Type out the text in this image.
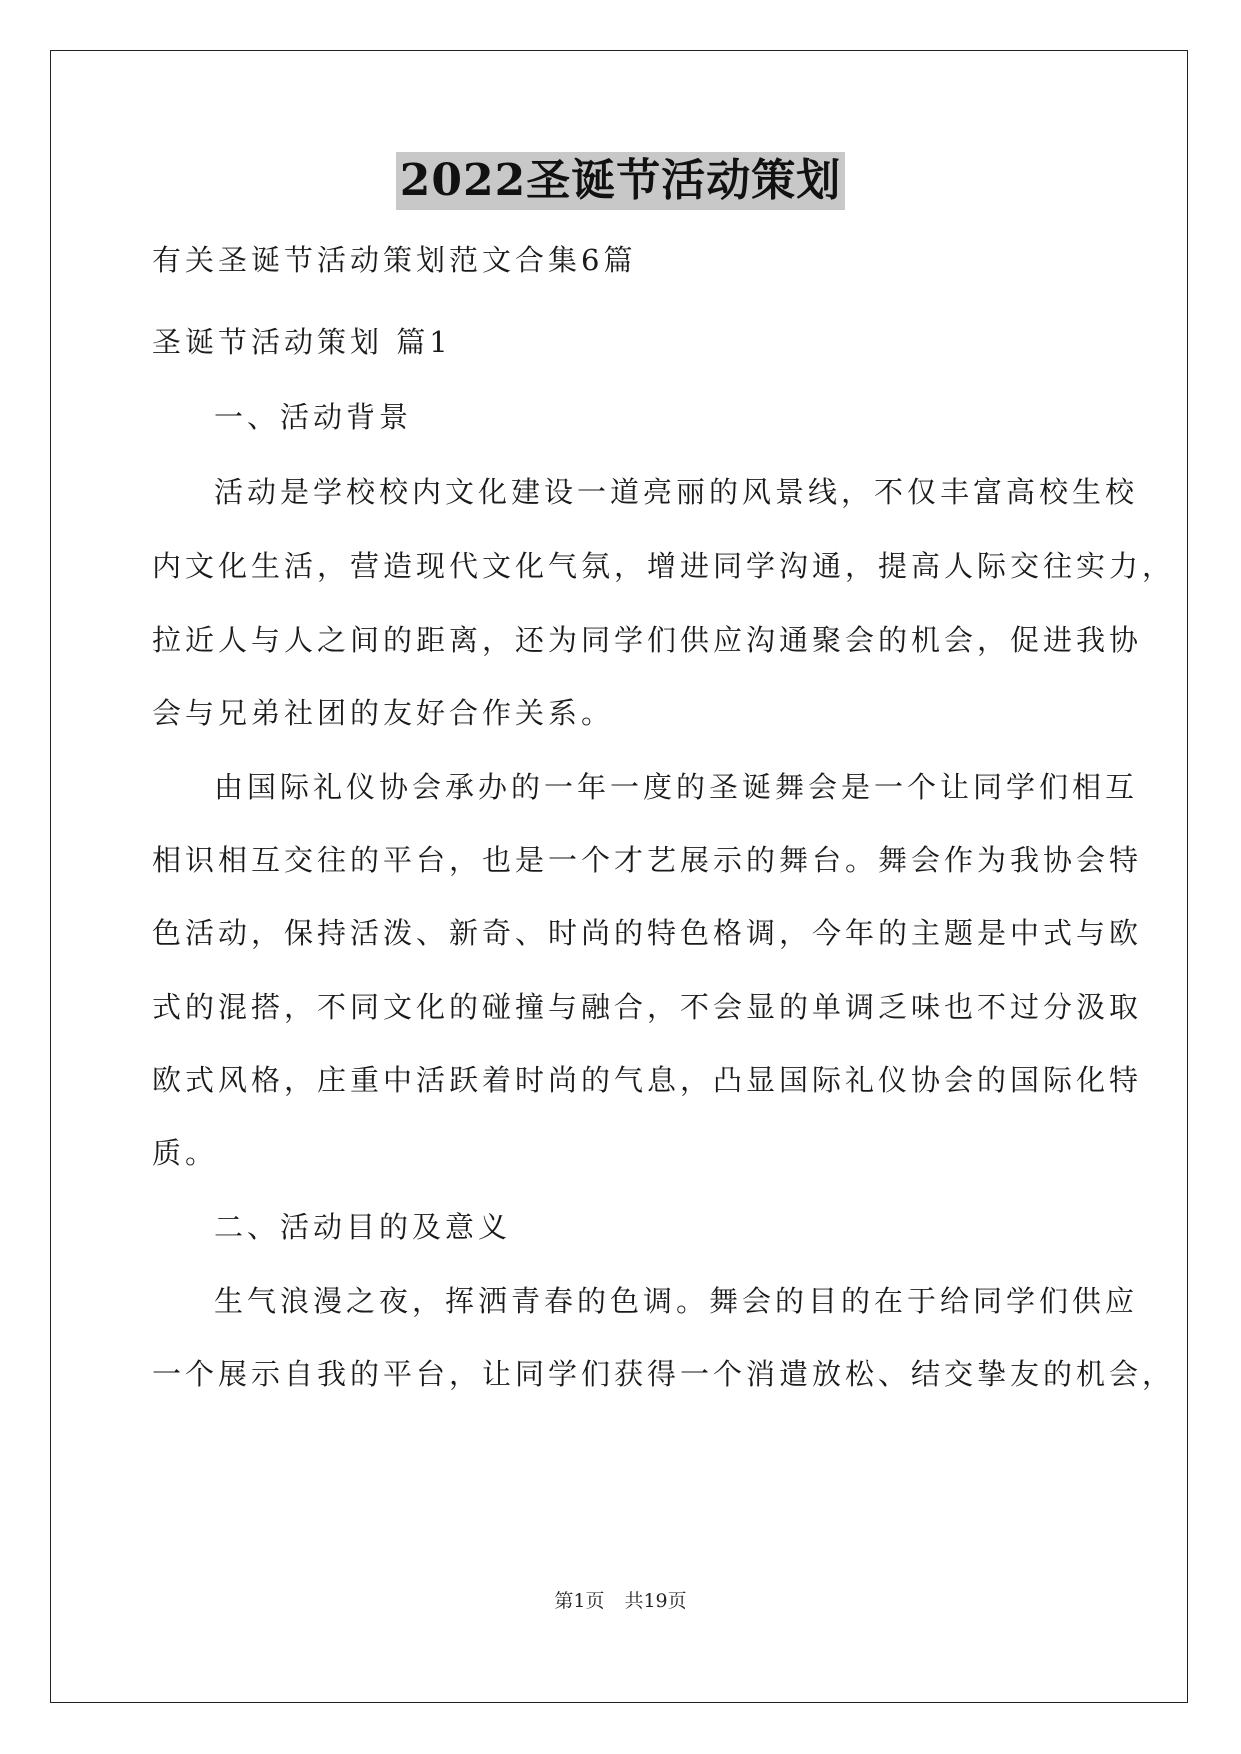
2022圣诞节活动策划
有关圣诞节活动策划范文合集6篇
圣诞节活动策划 篇1
一、活动背景
活动是学校校内文化建设一道亮丽的风景线，不仅丰富高校生校
内文化生活，营造现代文化气氛，增进同学沟通，提高人际交往实力，
拉近人与人之间的距离，还为同学们供应沟通聚会的机会，促进我协
会与兄弟社团的友好合作关系。
由国际礼仪协会承办的一年一度的圣诞舞会是一个让同学们相互
相识相互交往的平台，也是一个才艺展示的舞台。舞会作为我协会特
色活动，保持活泼、新奇、时尚的特色格调，今年的主题是中式与欧
式的混搭，不同文化的碰撞与融合，不会显的单调乏味也不过分汲取
欧式风格，庄重中活跃着时尚的气息，凸显国际礼仪协会的国际化特
质。
二、活动目的及意义
生气浪漫之夜，挥洒青春的色调。舞会的目的在于给同学们供应
一个展示自我的平台，让同学们获得一个消遣放松、结交挚友的机会，
第1页 共19页
